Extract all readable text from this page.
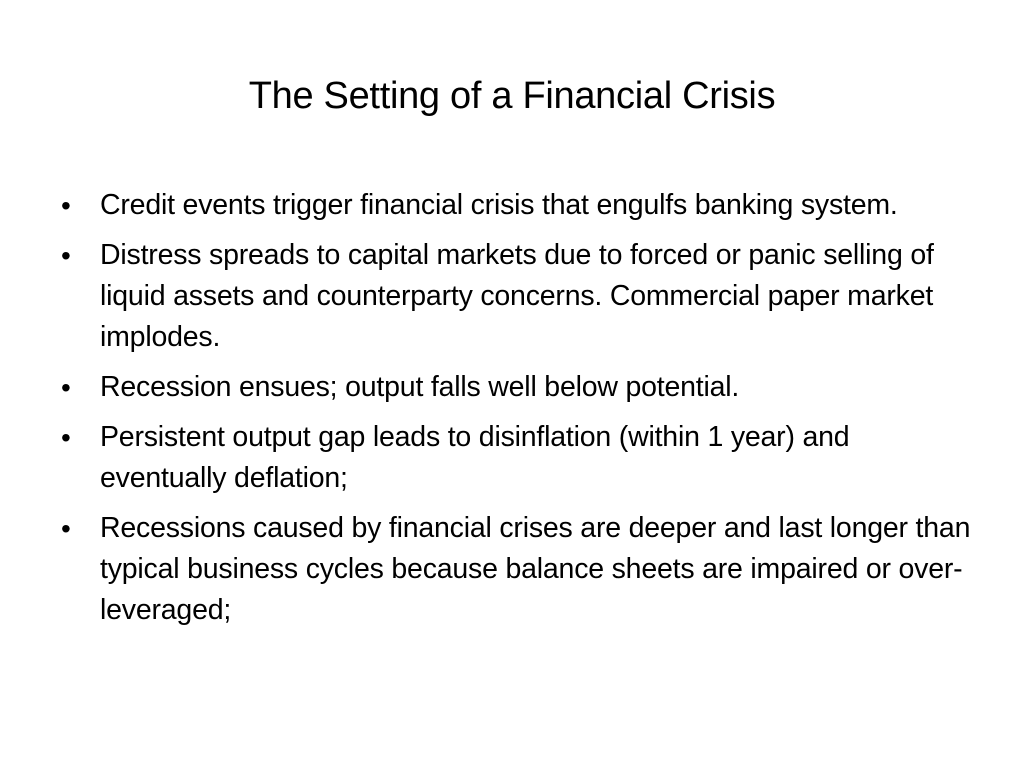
The Setting of a Financial Crisis
•	Credit events trigger financial crisis that engulfs banking system.
•	Distress spreads to capital markets due to forced or panic selling of liquid assets and counterparty concerns. Commercial paper market implodes.
•	Recession ensues; output falls well below potential.
•	Persistent output gap leads to disinflation (within 1 year) and eventually deflation;
•	Recessions caused by financial crises are deeper and last longer than typical business cycles because balance sheets are impaired or over-leveraged;
